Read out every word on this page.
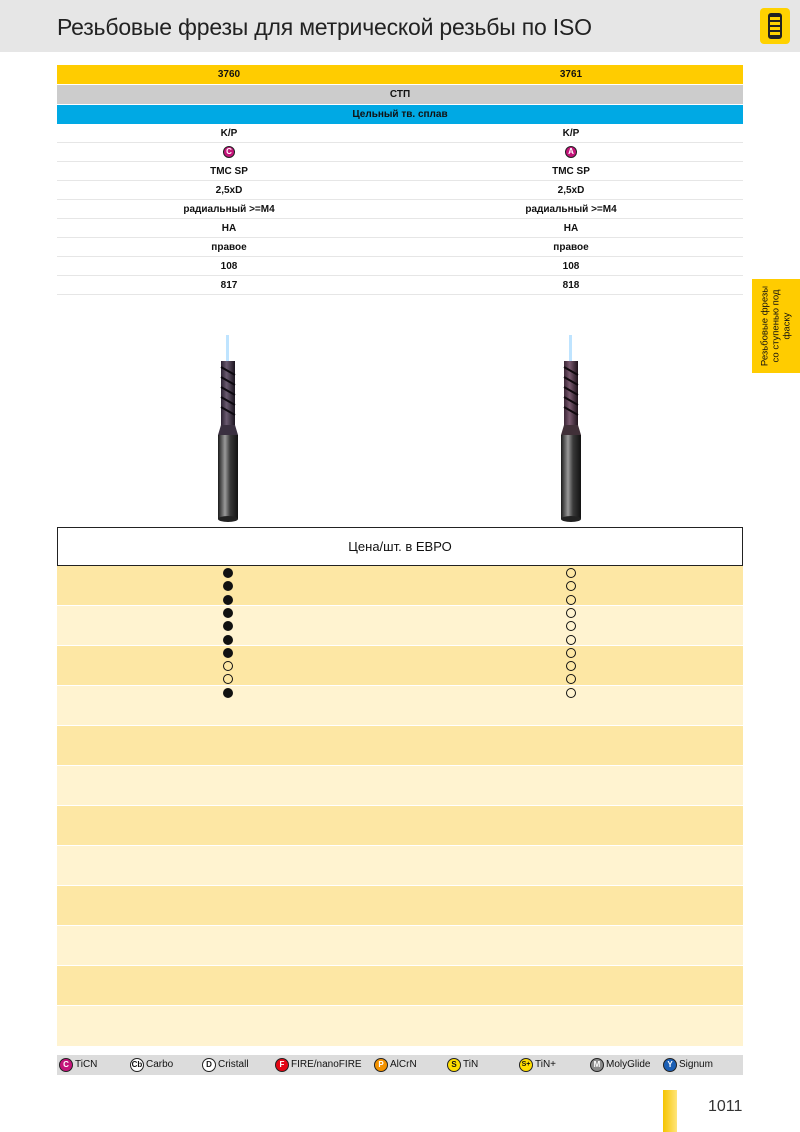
Резьбовые фрезы для метрической резьбы по ISO
3760	3761
СТП
Цельный тв. сплав
K/P	K/P
C	A
TMC SP	TMC SP
2,5xD	2,5xD
радиальный >=M4	радиальный >=M4
HA	HA
правое	правое
108	108
817	818
Резьбовые фрезы со ступенью под фаску
Цена/шт. в ЕВРО
C TiCN	Cb Carbo	D Cristall	F FIRE/nanoFIRE	P AlCrN	S TiN	S+ TiN+	M MolyGlide	Y Signum
1011
